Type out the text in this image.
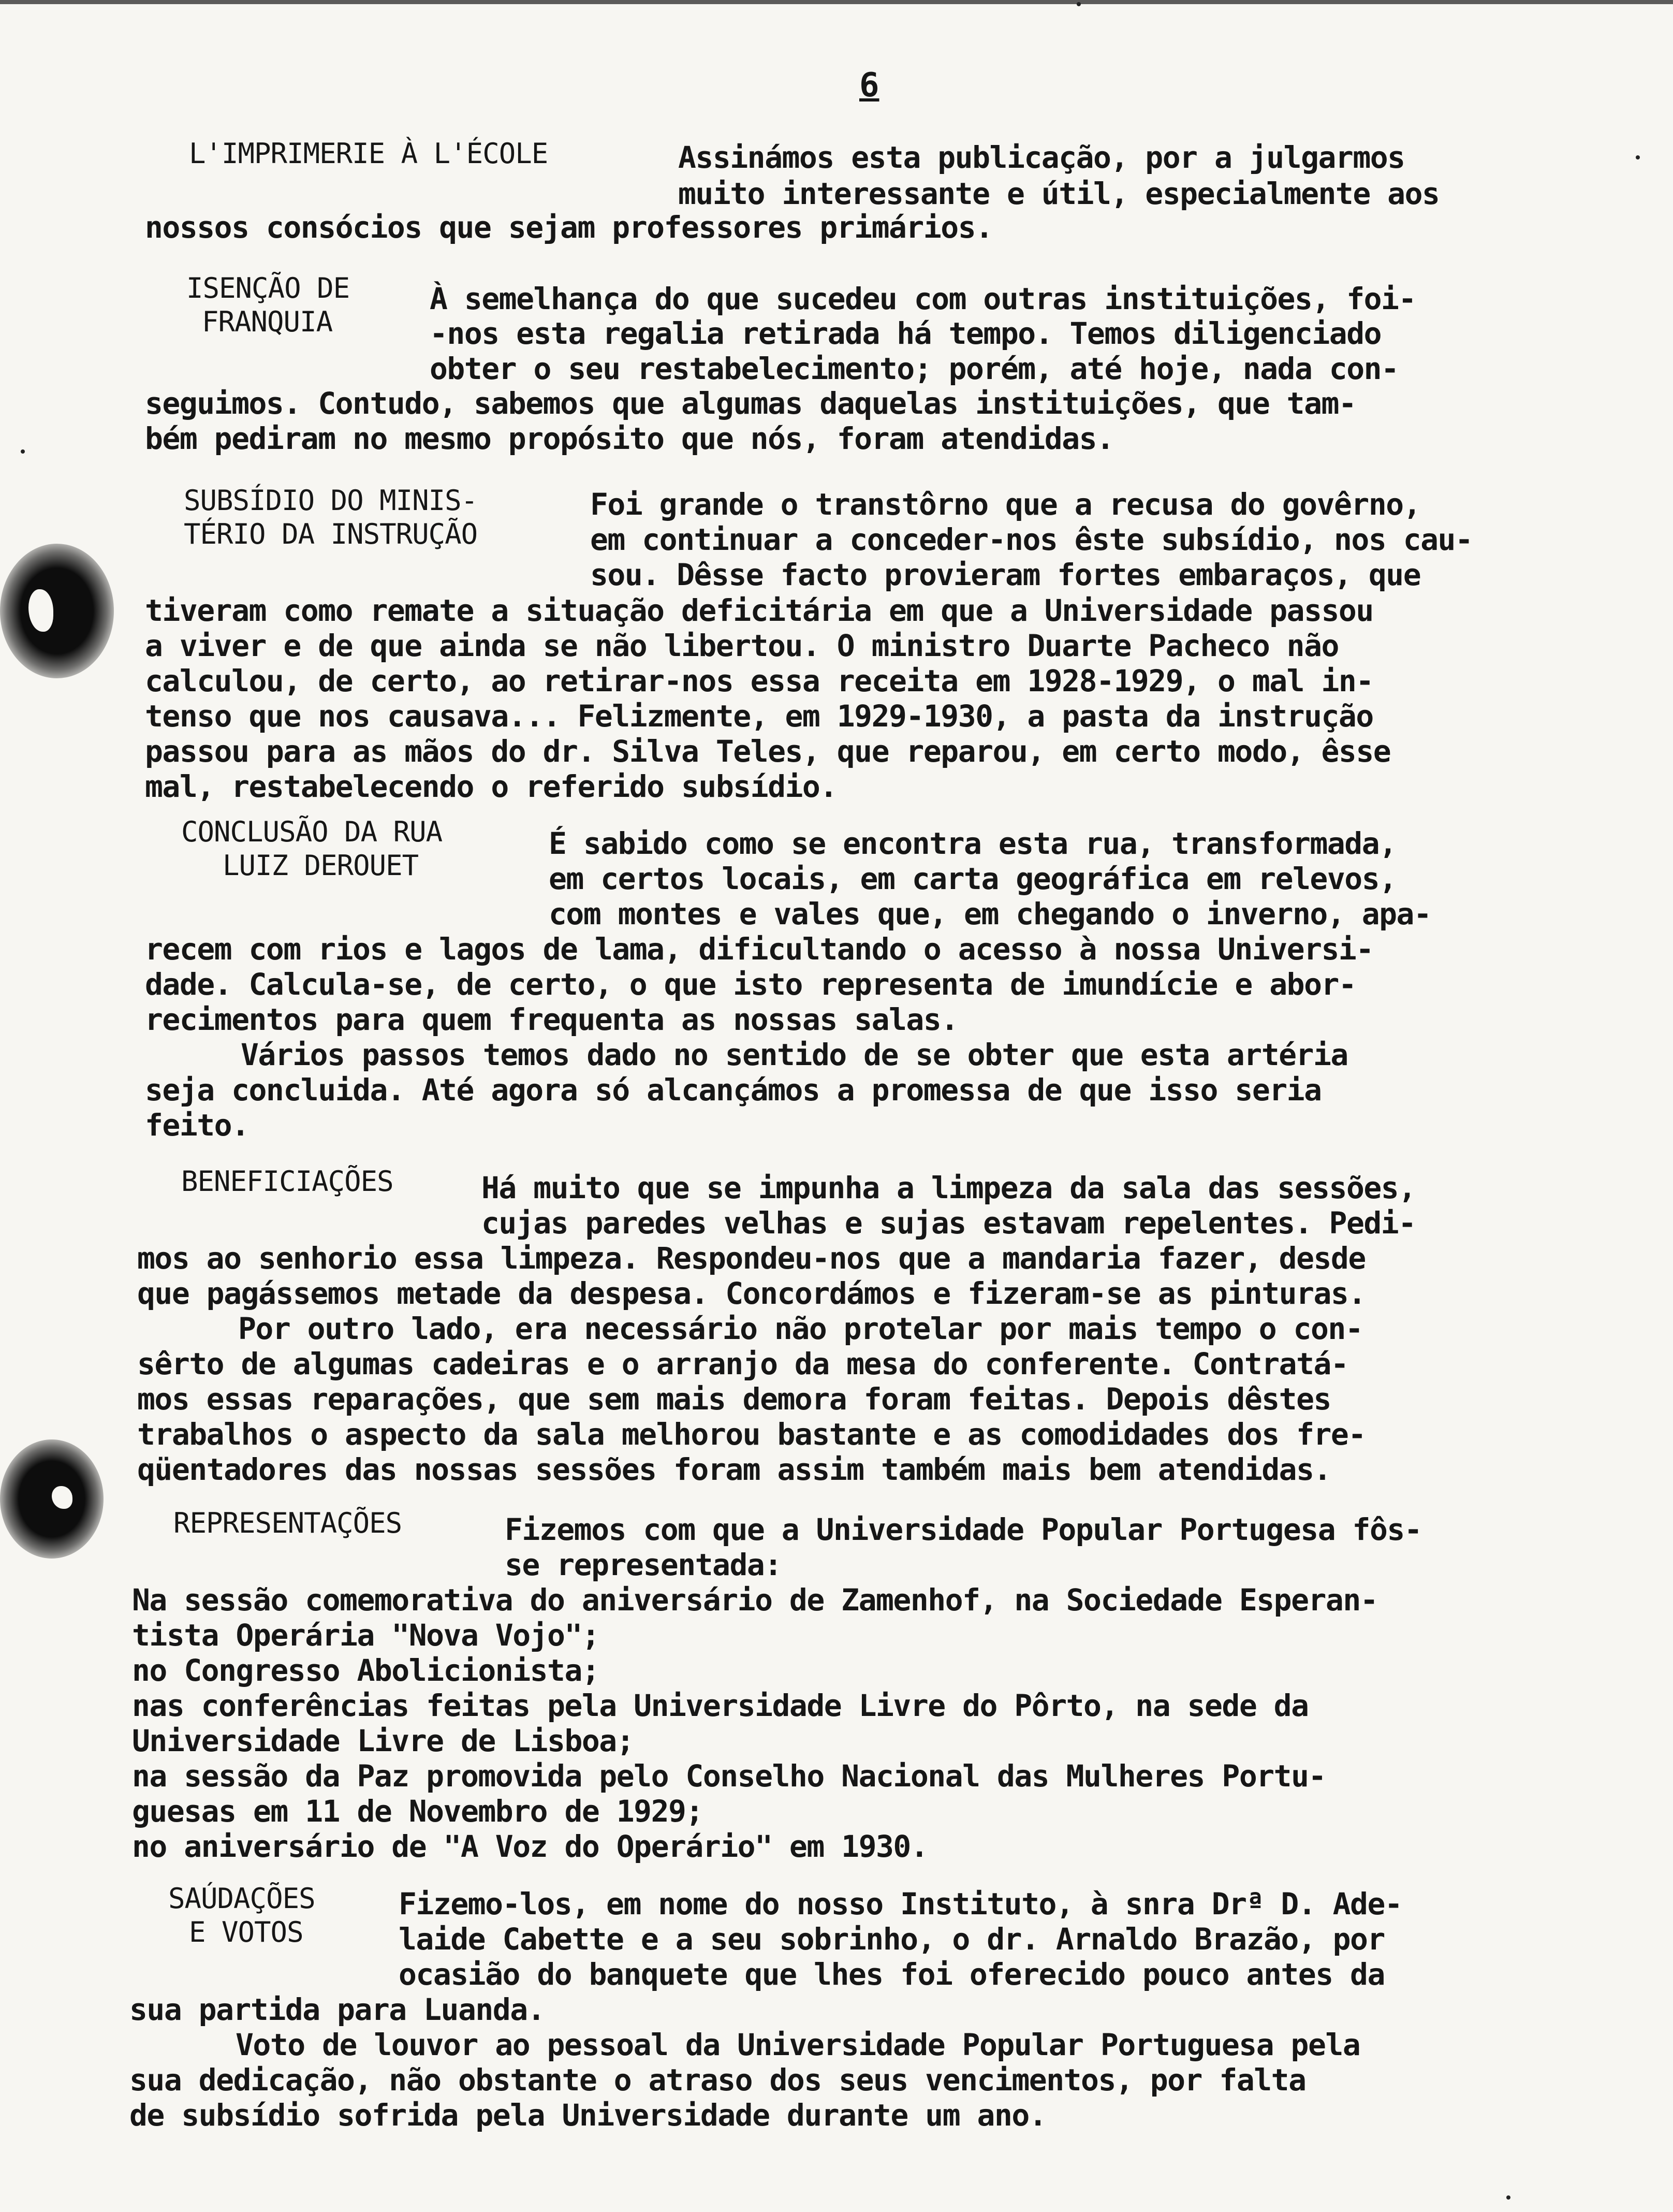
6
L'IMPRIMERIE À L'ÉCOLE	Assinámos esta publicação, por a julgarmos
muito interessante e útil, especialmente aos
nossos consócios que sejam professores primários.
ISENÇÃO DE
FRANQUIA
À semelhança do que sucedeu com outras instituições, foi-
-nos esta regalia retirada há tempo. Temos diligenciado
obter o seu restabelecimento; porém, até hoje, nada con-
seguimos. Contudo, sabemos que algumas daquelas instituições, que tam-
bém pediram no mesmo propósito que nós, foram atendidas.
SUBSÍDIO DO MINIS-
TÉRIO DA INSTRUÇÃO
Foi grande o transtôrno que a recusa do govêrno,
em continuar a conceder-nos êste subsídio, nos cau-
sou. Dêsse facto provieram fortes embaraços, que
tiveram como remate a situação deficitária em que a Universidade passou
a viver e de que ainda se não libertou. O ministro Duarte Pacheco não
calculou, de certo, ao retirar-nos essa receita em 1928-1929, o mal in-
tenso que nos causava... Felizmente, em 1929-1930, a pasta da instrução
passou para as mãos do dr. Silva Teles, que reparou, em certo modo, êsse
mal, restabelecendo o referido subsídio.
CONCLUSÃO DA RUA
LUIZ DEROUET
É sabido como se encontra esta rua, transformada,
em certos locais, em carta geográfica em relevos,
com montes e vales que, em chegando o inverno, apa-
recem com rios e lagos de lama, dificultando o acesso à nossa Universi-
dade. Calcula-se, de certo, o que isto representa de imundície e abor-
recimentos para quem frequenta as nossas salas.
Vários passos temos dado no sentido de se obter que esta artéria
seja concluida. Até agora só alcançámos a promessa de que isso seria
feito.
BENEFICIAÇÕES	Há muito que se impunha a limpeza da sala das sessões,
cujas paredes velhas e sujas estavam repelentes. Pedi-
mos ao senhorio essa limpeza. Respondeu-nos que a mandaria fazer, desde
que pagássemos metade da despesa. Concordámos e fizeram-se as pinturas.
Por outro lado, era necessário não protelar por mais tempo o con-
sêrto de algumas cadeiras e o arranjo da mesa do conferente. Contratá-
mos essas reparações, que sem mais demora foram feitas. Depois dêstes
trabalhos o aspecto da sala melhorou bastante e as comodidades dos fre-
qüentadores das nossas sessões foram assim também mais bem atendidas.
REPRESENTAÇÕES	Fizemos com que a Universidade Popular Portugesa fôs-
se representada:
Na sessão comemorativa do aniversário de Zamenhof, na Sociedade Esperan-
tista Operária "Nova Vojo";
no Congresso Abolicionista;
nas conferências feitas pela Universidade Livre do Pôrto, na sede da
Universidade Livre de Lisboa;
na sessão da Paz promovida pelo Conselho Nacional das Mulheres Portu-
guesas em 11 de Novembro de 1929;
no aniversário de "A Voz do Operário" em 1930.
SAÚDAÇÕES
E VOTOS
Fizemo-los, em nome do nosso Instituto, à snra Drª D. Ade-
laide Cabette e a seu sobrinho, o dr. Arnaldo Brazão, por
ocasião do banquete que lhes foi oferecido pouco antes da
sua partida para Luanda.
Voto de louvor ao pessoal da Universidade Popular Portuguesa pela
sua dedicação, não obstante o atraso dos seus vencimentos, por falta
de subsídio sofrida pela Universidade durante um ano.
